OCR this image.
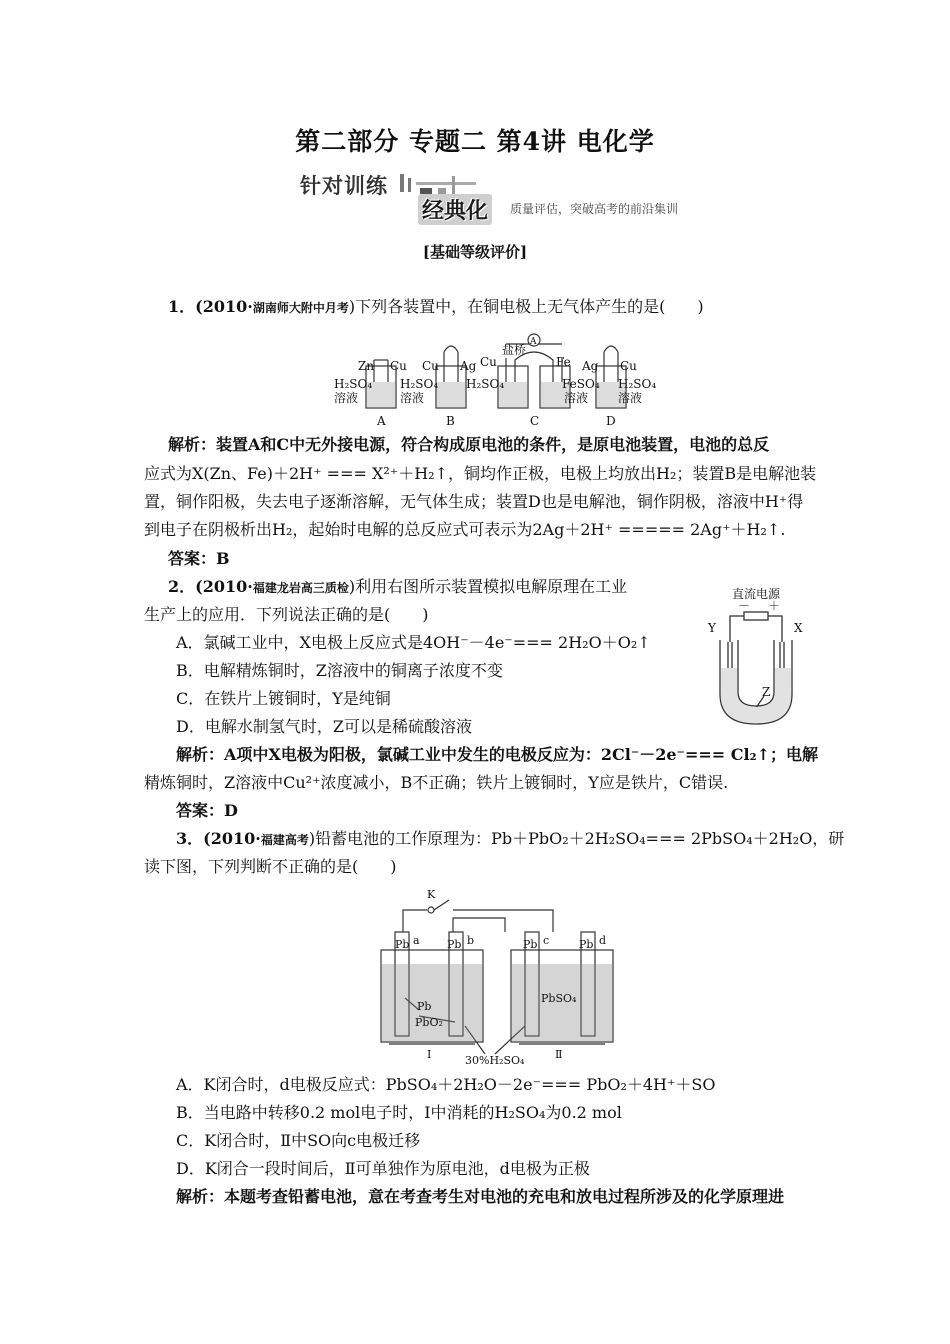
第二部分 专题二 第4讲 电化学
针对训练
经典化	质量评估，突破高考的前沿集训
[基础等级评价]
1．(2010·湖南师大附中月考)下列各装置中，在铜电极上无气体产生的是(　　)
Zn Cu
H₂SO₄
溶液
Cu Ag
H₂SO₄
溶液
Cu
盐桥
A
Fe
H₂SO₄	FeSO₄
溶液
Ag Cu
H₂SO₄
溶液
A	B	C	D
解析：装置A和C中无外接电源，符合构成原电池的条件，是原电池装置，电池的总反
应式为X(Zn、Fe)＋2H⁺ === X²⁺＋H₂↑，铜均作正极，电极上均放出H₂；装置B是电解池装
置，铜作阳极，失去电子逐渐溶解，无气体生成；装置D也是电解池，铜作阴极，溶液中H⁺得
到电子在阴极析出H₂，起始时电解的总反应式可表示为2Ag＋2H⁺ ===== 2Ag⁺＋H₂↑.
答案：B
2．(2010·福建龙岩高三质检)利用右图所示装置模拟电解原理在工业
生产上的应用．下列说法正确的是(　　)
A．氯碱工业中，X电极上反应式是4OH⁻－4e⁻=== 2H₂O＋O₂↑
B．电解精炼铜时，Z溶液中的铜离子浓度不变
C．在铁片上镀铜时，Y是纯铜
D．电解水制氢气时，Z可以是稀硫酸溶液
直流电源
－ ＋
Y	X
Z
解析：A项中X电极为阳极，氯碱工业中发生的电极反应为：2Cl⁻－2e⁻=== Cl₂↑；电解
精炼铜时，Z溶液中Cu²⁺浓度减小，B不正确；铁片上镀铜时，Y应是铁片，C错误.
答案：D
3．(2010·福建高考)铅蓄电池的工作原理为：Pb＋PbO₂＋2H₂SO₄=== 2PbSO₄＋2H₂O，研
读下图，下列判断不正确的是(　　)
K
Pb a Pb b	Pb c	Pb d
Pb
PbO₂
PbSO₄
Ⅰ	30%H₂SO₄	Ⅱ
A．K闭合时，d电极反应式：PbSO₄＋2H₂O－2e⁻=== PbO₂＋4H⁺＋SO
B．当电路中转移0.2 mol电子时，Ⅰ中消耗的H₂SO₄为0.2 mol
C．K闭合时，Ⅱ中SO向c电极迁移
D．K闭合一段时间后，Ⅱ可单独作为原电池，d电极为正极
解析：本题考查铅蓄电池，意在考查考生对电池的充电和放电过程所涉及的化学原理进
